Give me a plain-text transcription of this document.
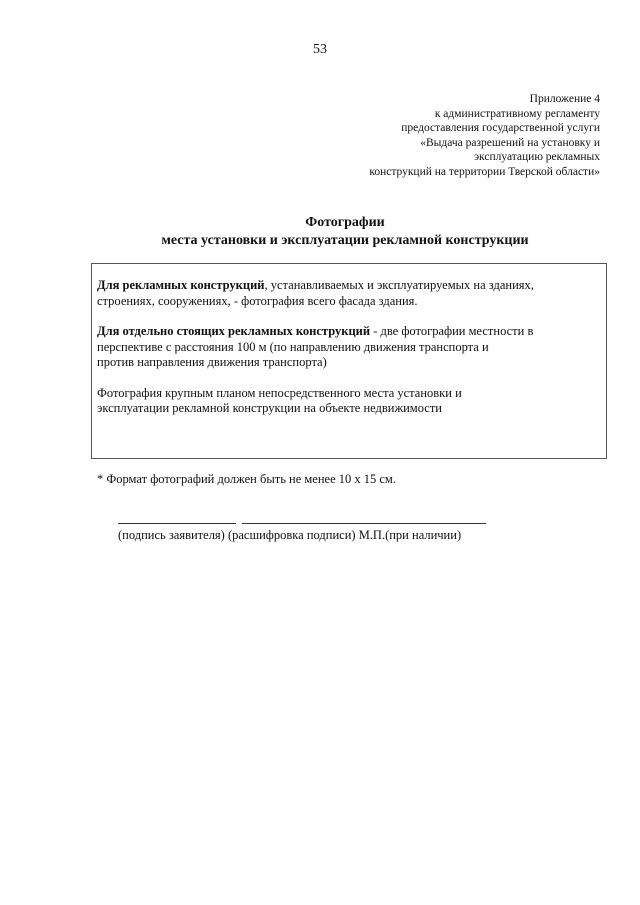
53
Приложение 4
к административному регламенту
предоставления государственной услуги
«Выдача разрешений на установку и
эксплуатацию рекламных
конструкций на территории Тверской области»
Фотографии
места установки и эксплуатации рекламной конструкции

Для рекламных конструкций, устанавливаемых и эксплуатируемых на зданиях,
строениях, сооружениях, - фотография всего фасада здания.

Для отдельно стоящих рекламных конструкций - две фотографии местности в
перспективе с расстояния 100 м (по направлению движения транспорта и
против направления движения транспорта)

Фотография крупным планом непосредственного места установки и
эксплуатации рекламной конструкции на объекте недвижимости

* Формат фотографий должен быть не менее 10 х 15 см.
(подпись заявителя) (расшифровка подписи) М.П.(при наличии)
